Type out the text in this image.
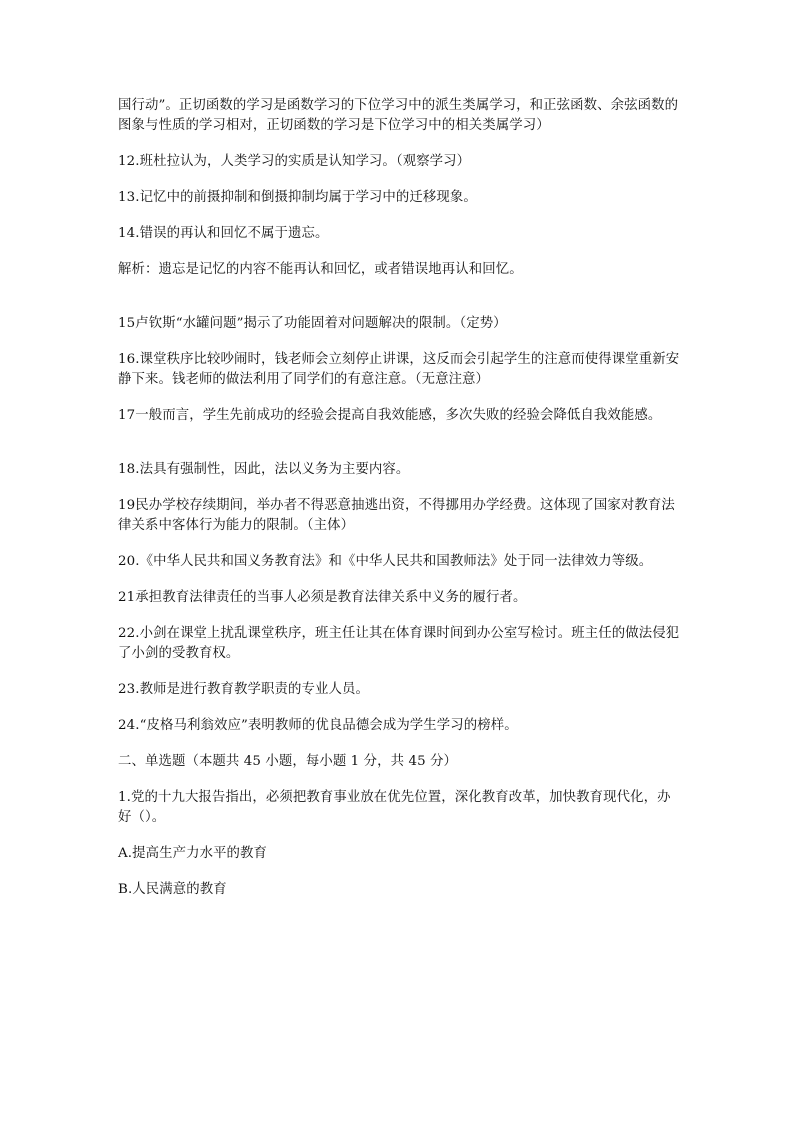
国行动”。正切函数的学习是函数学习的下位学习中的派生类属学习，和正弦函数、余弦函数的图象与性质的学习相对，正切函数的学习是下位学习中的相关类属学习）

12.班杜拉认为，人类学习的实质是认知学习。（观察学习）

13.记忆中的前摄抑制和倒摄抑制均属于学习中的迁移现象。

14.错误的再认和回忆不属于遗忘。

解析：遗忘是记忆的内容不能再认和回忆，或者错误地再认和回忆。

15卢钦斯“水罐问题”揭示了功能固着对问题解决的限制。（定势）

16.课堂秩序比较吵闹时，钱老师会立刻停止讲课，这反而会引起学生的注意而使得课堂重新安静下来。钱老师的做法利用了同学们的有意注意。（无意注意）

17一般而言，学生先前成功的经验会提高自我效能感，多次失败的经验会降低自我效能感。

18.法具有强制性，因此，法以义务为主要内容。

19民办学校存续期间，举办者不得恶意抽逃出资，不得挪用办学经费。这体现了国家对教育法律关系中客体行为能力的限制。（主体）

20.《中华人民共和国义务教育法》和《中华人民共和国教师法》处于同一法律效力等级。

21承担教育法律责任的当事人必须是教育法律关系中义务的履行者。

22.小剑在课堂上扰乱课堂秩序，班主任让其在体育课时间到办公室写检讨。班主任的做法侵犯了小剑的受教育权。

23.教师是进行教育教学职责的专业人员。

24.“皮格马利翁效应”表明教师的优良品德会成为学生学习的榜样。

二、单选题（本题共 45 小题，每小题 1 分，共 45 分）

1.党的十九大报告指出，必须把教育事业放在优先位置，深化教育改革，加快教育现代化，办好（）。

A.提高生产力水平的教育

B.人民满意的教育
